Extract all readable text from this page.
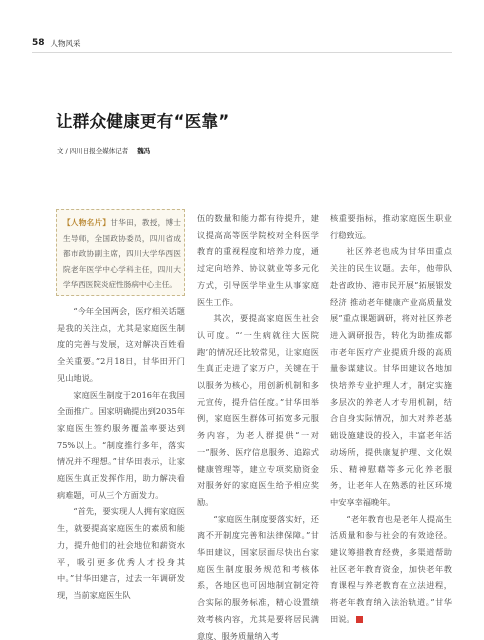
58 人物风采
让群众健康更有“医靠”
文 / 四川日报全媒体记者 魏冯
【人物名片】甘华田，教授，博士生导师，全国政协委员，四川省成都市政协副主席，四川大学华西医院老年医学中心学科主任，四川大学华西医院炎症性肠病中心主任。

“今年全国两会，医疗相关话题是我的关注点，尤其是家庭医生制度的完善与发展，这对解决百姓看全关重要。”2月18日，甘华田开门见山地说。

家庭医生制度于2016年在我国全面推广。国家明确提出到2035年家庭医生签约服务覆盖率要达到75%以上。“制度推行多年，落实情况并不理想。”甘华田表示，让家庭医生真正发挥作用，助力解决看病难题，可从三个方面发力。

“首先，要实现人人拥有家庭医生，就要提高家庭医生的素质和能力，提升他们的社会地位和薪资水平，吸引更多优秀人才投身其中。”甘华田建言，过去一年调研发现，当前家庭医生队

伍的数量和能力都有待提升，建议提高高等医学院校对全科医学教育的重视程度和培养力度，通过定向培养、协议就业等多元化方式，引导医学毕业生从事家庭医生工作。

其次，要提高家庭医生社会认可度。“‘一生病就往大医院跑’的情况还比较常见，让家庭医生真正走进了家万户，关键在于以服务为核心，用创新机制和多元宣传，提升信任度。”甘华田举例，家庭医生群体可拓宽多元服务内容，为老人群提供“一对一”服务、医疗信息服务、追踪式健康管理等，建立专项奖励资金对服务好的家庭医生给予相应奖励。

“家庭医生制度要落实好，还离不开制度完善和法律保障。”甘华田建议，国家层面尽快出台家庭医生制度服务规范和考核体系，各地区也可因地制宜制定符合实际的服务标准，精心设置绩效考核内容，尤其是要将居民满意度、服务质量纳入考

核重要指标，推动家庭医生职业行稳致远。

社区养老也成为甘华田重点关注的民生议题。去年，他带队赴省政协、港市民开展“拓展银发经济 推动老年健康产业高质量发展”重点课题调研，将对社区养老进入调研报告，转化为助推成都市老年医疗产业提质升级的高质量参谋建议。甘华田建议各地加快培养专业护理人才，制定实施多层次的养老人才专用机制，结合自身实际情况，加大对养老基础设施建设的投入，丰富老年活动场所，提供康复护理、文化娱乐、精神慰藉等多元化养老服务，让老年人在熟悉的社区环境中安享幸福晚年。

“老年教育也是老年人提高生活质量和参与社会的有效途径。建议筹措教育经费，多渠道帮助社区老年教育资金，加快老年教育课程与养老教育在立法进程，将老年教育纳入法治轨道。”甘华田说。
